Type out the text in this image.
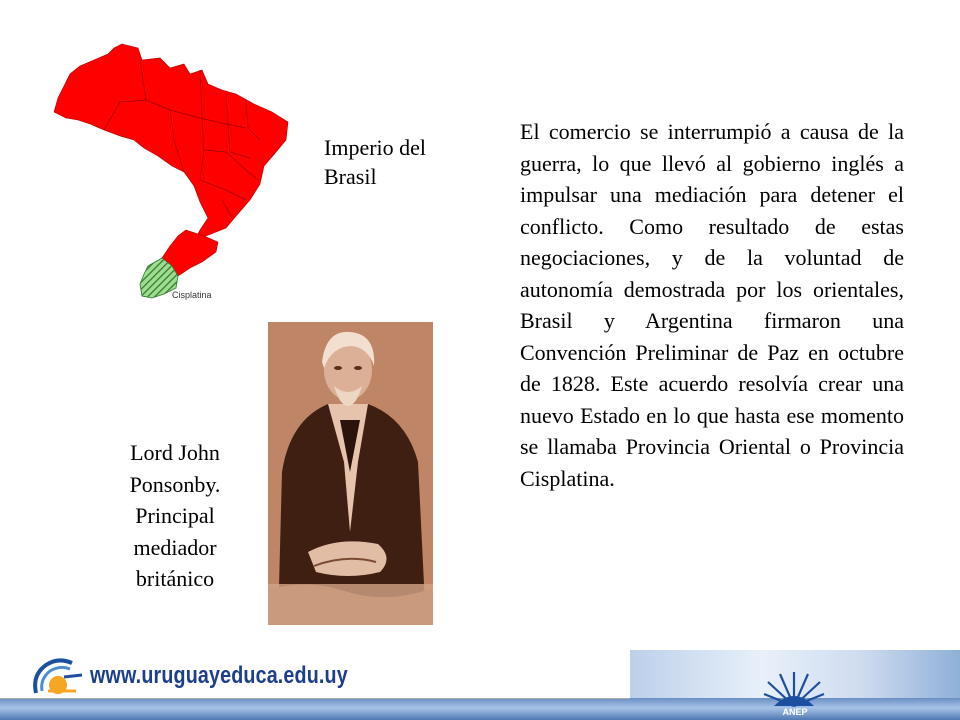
Cisplatina
Imperio del Brasil
El comercio se interrumpió a causa de la guerra, lo que llevó al gobierno inglés a impulsar una mediación para detener el conflicto. Como resultado de estas negociaciones, y de la voluntad de autonomía demostrada por los orientales, Brasil y Argentina firmaron una Convención Preliminar de Paz en octubre de 1828. Este acuerdo resolvía crear una nuevo Estado en lo que hasta ese momento se llamaba Provincia Oriental o Provincia Cisplatina.
Lord John Ponsonby. Principal mediador británico
www.uruguayeduca.edu.uy
ANEP
